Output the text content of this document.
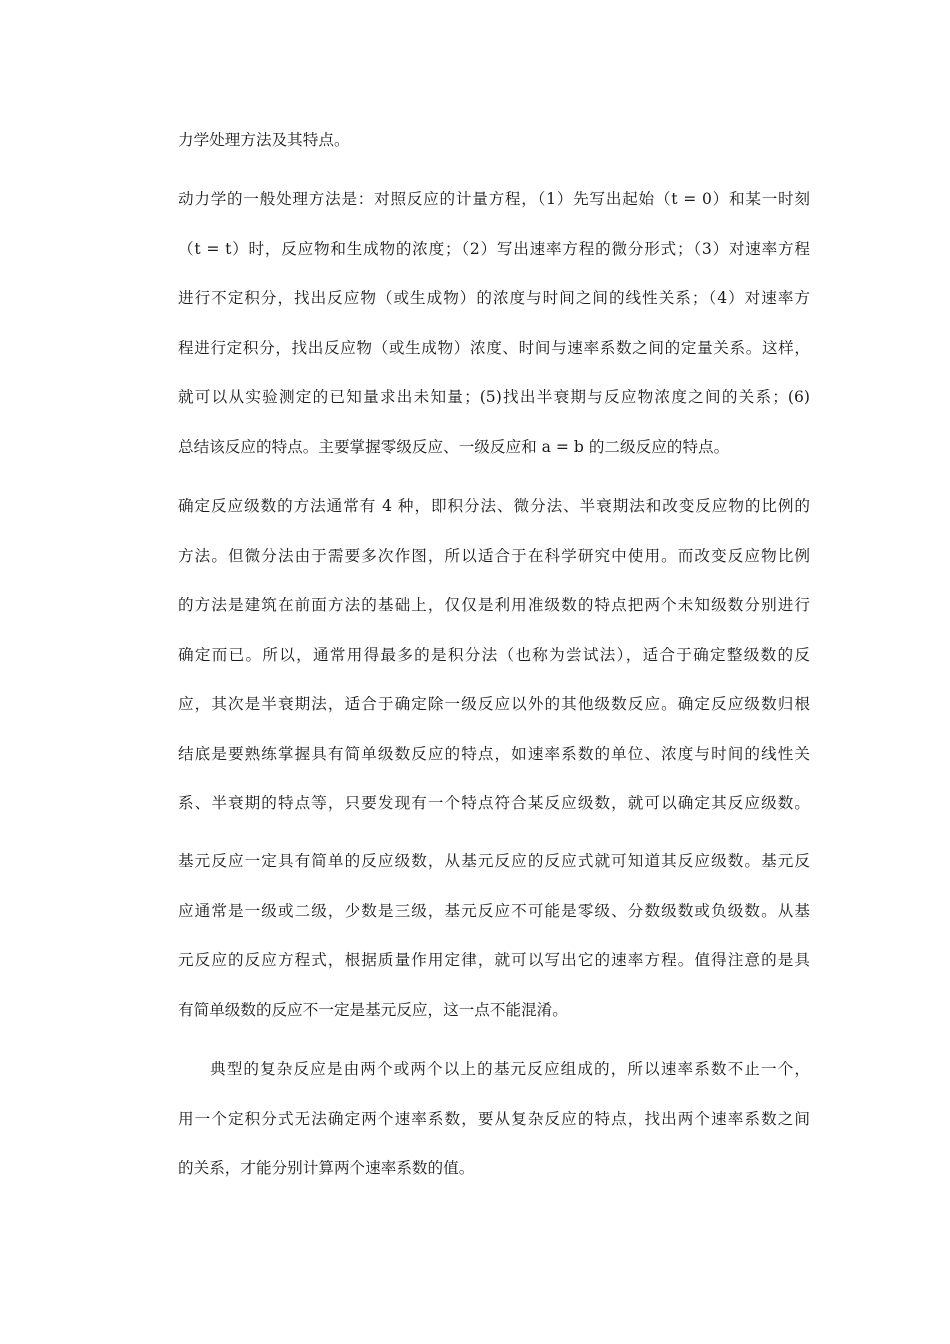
力学处理方法及其特点。
动力学的一般处理方法是：对照反应的计量方程，（1）先写出起始（t = 0）和某一时刻
（t = t）时，反应物和生成物的浓度；（2）写出速率方程的微分形式；（3）对速率方程
进行不定积分，找出反应物（或生成物）的浓度与时间之间的线性关系；（4）对速率方
程进行定积分，找出反应物（或生成物）浓度、时间与速率系数之间的定量关系。这样，
就可以从实验测定的已知量求出未知量；(5)找出半衰期与反应物浓度之间的关系；(6)
总结该反应的特点。主要掌握零级反应、一级反应和 a = b 的二级反应的特点。
确定反应级数的方法通常有 4 种，即积分法、微分法、半衰期法和改变反应物的比例的
方法。但微分法由于需要多次作图，所以适合于在科学研究中使用。而改变反应物比例
的方法是建筑在前面方法的基础上，仅仅是利用准级数的特点把两个未知级数分别进行
确定而已。所以，通常用得最多的是积分法（也称为尝试法），适合于确定整级数的反
应，其次是半衰期法，适合于确定除一级反应以外的其他级数反应。确定反应级数归根
结底是要熟练掌握具有简单级数反应的特点，如速率系数的单位、浓度与时间的线性关
系、半衰期的特点等，只要发现有一个特点符合某反应级数，就可以确定其反应级数。
基元反应一定具有简单的反应级数，从基元反应的反应式就可知道其反应级数。基元反
应通常是一级或二级，少数是三级，基元反应不可能是零级、分数级数或负级数。从基
元反应的反应方程式，根据质量作用定律，就可以写出它的速率方程。值得注意的是具
有简单级数的反应不一定是基元反应，这一点不能混淆。
典型的复杂反应是由两个或两个以上的基元反应组成的，所以速率系数不止一个，
用一个定积分式无法确定两个速率系数，要从复杂反应的特点，找出两个速率系数之间
的关系，才能分别计算两个速率系数的值。
